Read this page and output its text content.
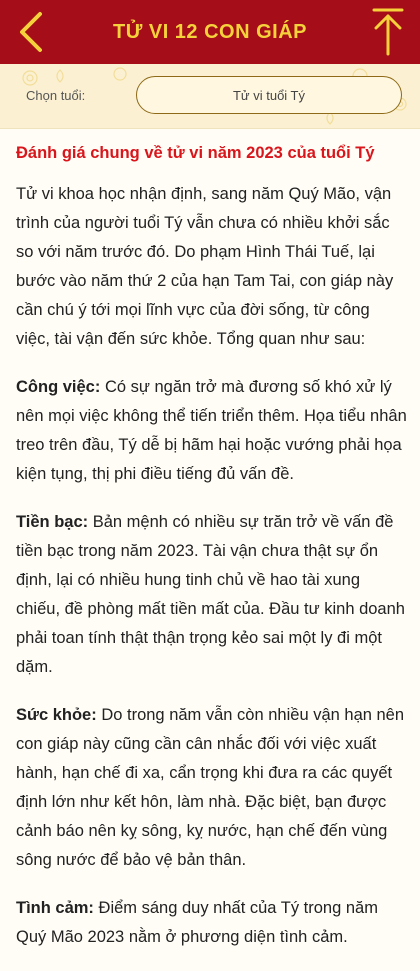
TỬ VI 12 CON GIÁP
Chọn tuổi:	Tử vi tuổi Tý
Đánh giá chung về tử vi năm 2023 của tuổi Tý

Tử vi khoa học nhận định, sang năm Quý Mão, vận trình của người tuổi Tý vẫn chưa có nhiều khởi sắc so với năm trước đó. Do phạm Hình Thái Tuế, lại bước vào năm thứ 2 của hạn Tam Tai, con giáp này cần chú ý tới mọi lĩnh vực của đời sống, từ công việc, tài vận đến sức khỏe. Tổng quan như sau:

Công việc: Có sự ngăn trở mà đương số khó xử lý nên mọi việc không thể tiến triển thêm. Họa tiểu nhân treo trên đầu, Tý dễ bị hãm hại hoặc vướng phải họa kiện tụng, thị phi điều tiếng đủ vấn đề.

Tiền bạc: Bản mệnh có nhiều sự trăn trở về vấn đề tiền bạc trong năm 2023. Tài vận chưa thật sự ổn định, lại có nhiều hung tinh chủ về hao tài xung chiếu, đề phòng mất tiền mất của. Đầu tư kinh doanh phải toan tính thật thận trọng kẻo sai một ly đi một dặm.

Sức khỏe: Do trong năm vẫn còn nhiều vận hạn nên con giáp này cũng cần cân nhắc đối với việc xuất hành, hạn chế đi xa, cẩn trọng khi đưa ra các quyết định lớn như kết hôn, làm nhà. Đặc biệt, bạn được cảnh báo nên kỵ sông, kỵ nước, hạn chế đến vùng sông nước để bảo vệ bản thân.

Tình cảm: Điểm sáng duy nhất của Tý trong năm Quý Mão 2023 nằm ở phương diện tình cảm.
